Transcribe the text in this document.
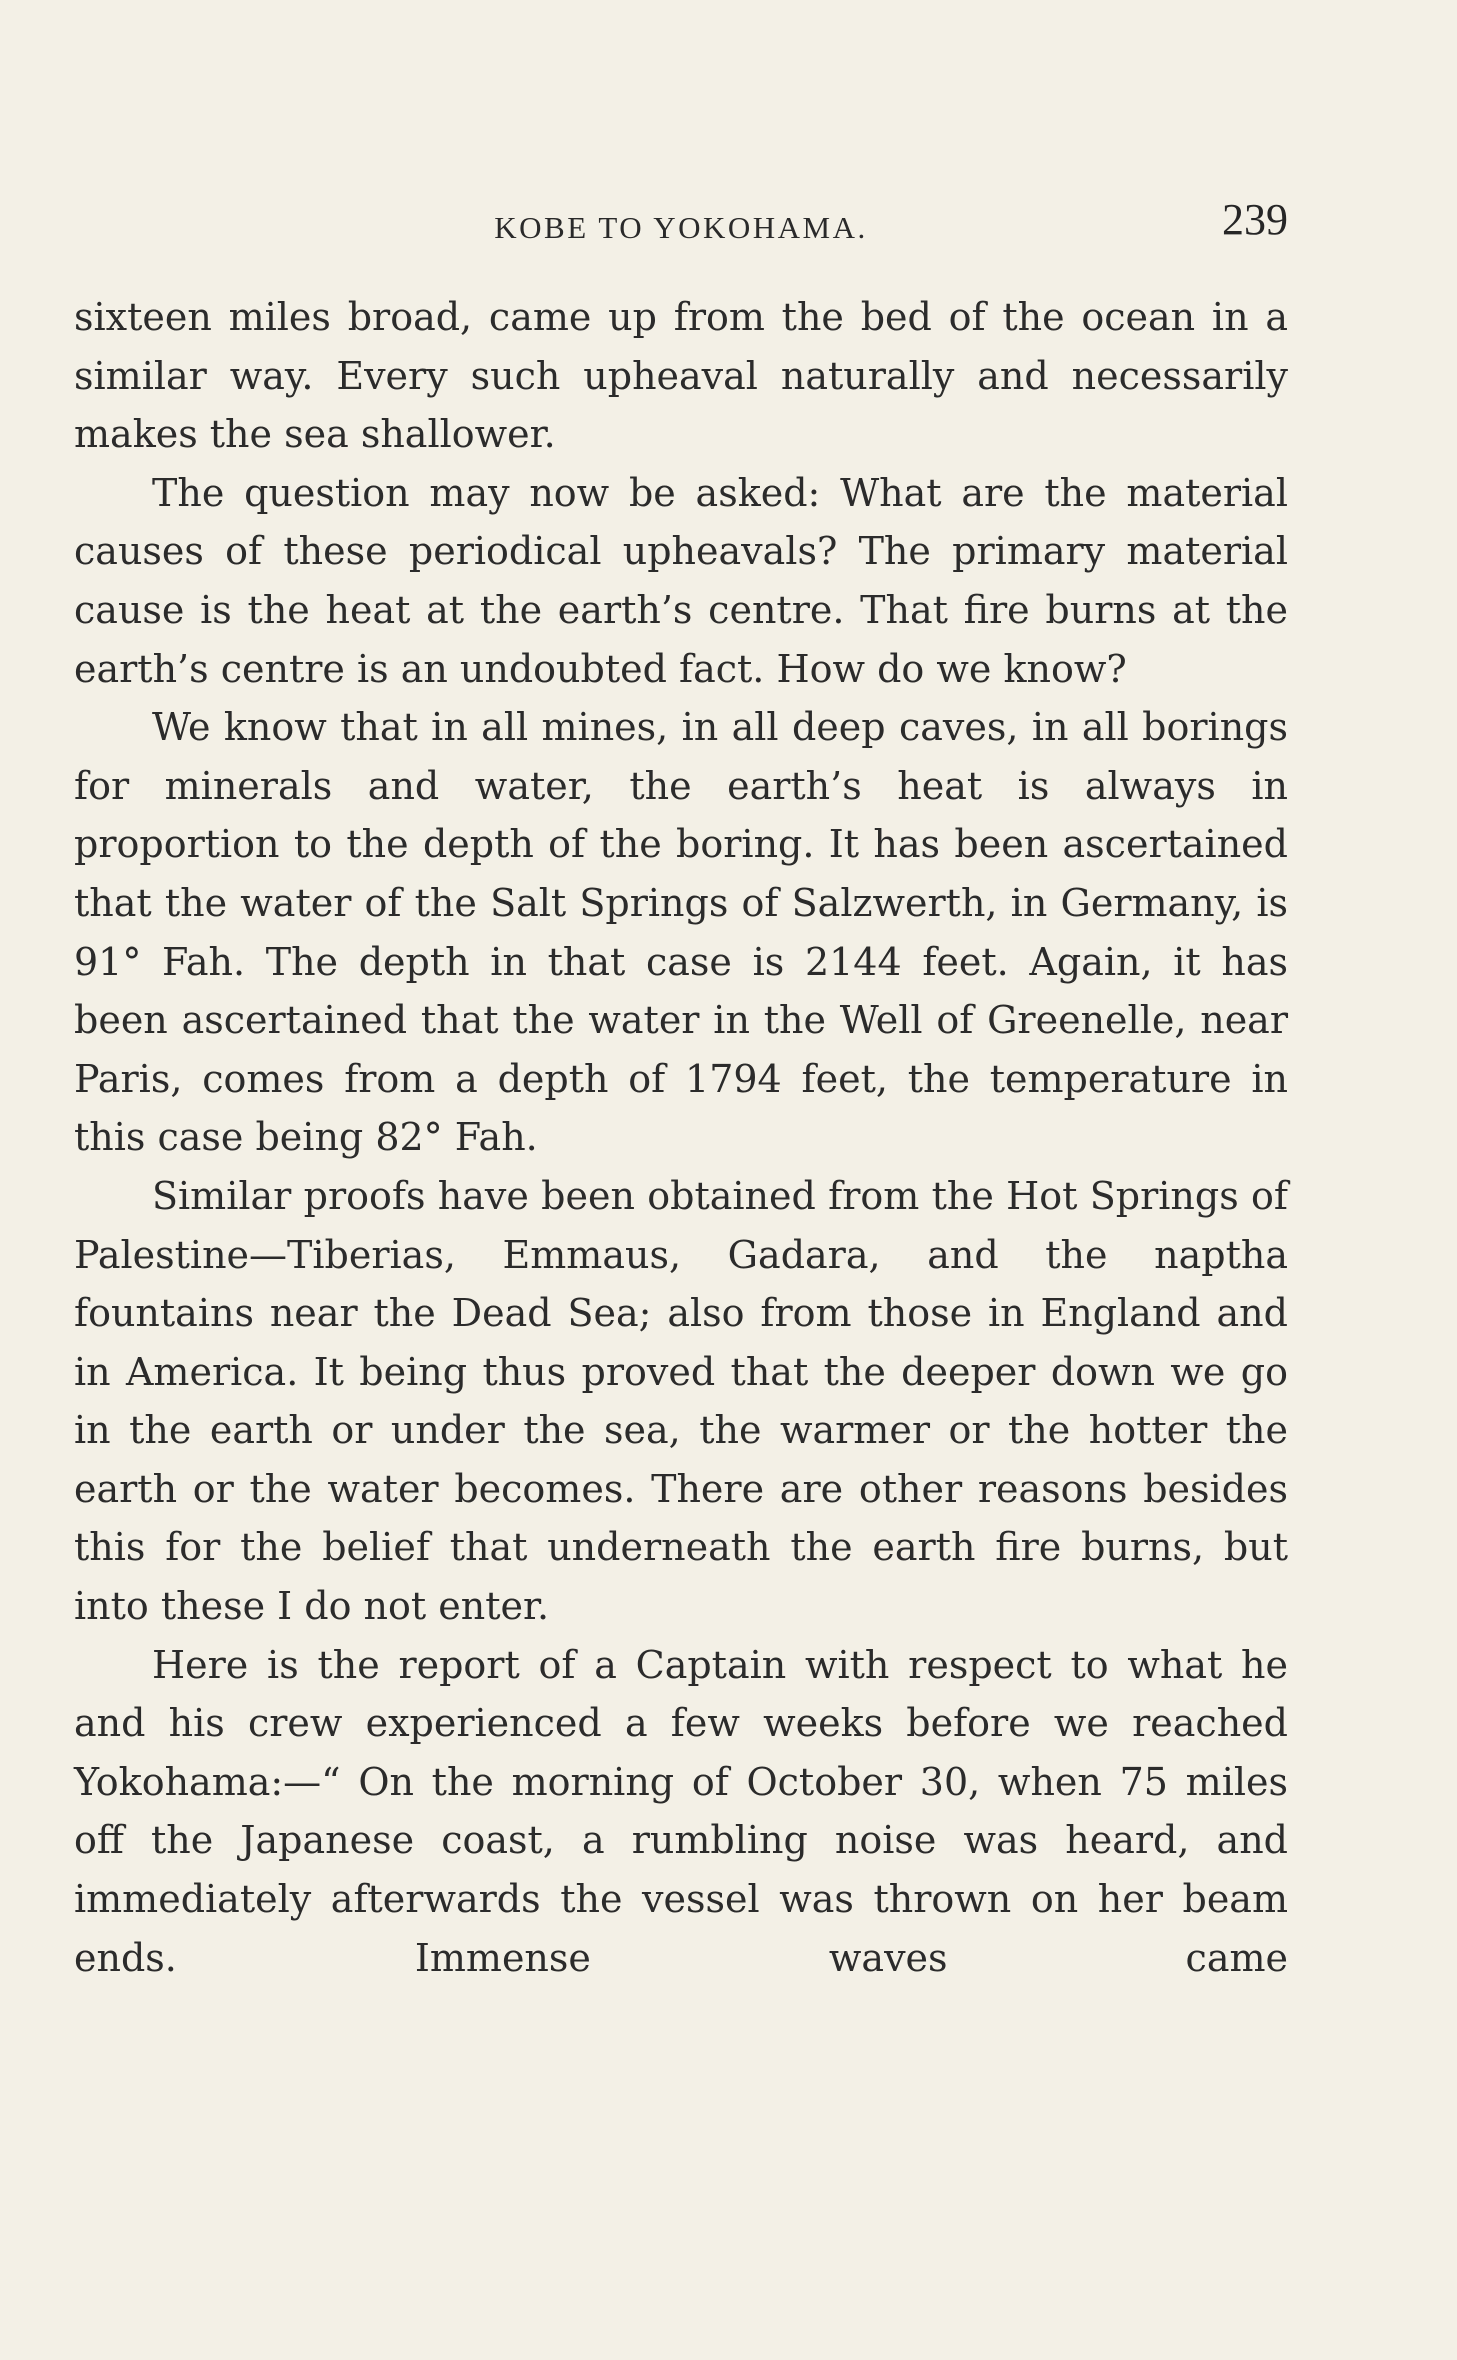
KOBE TO YOKOHAMA.	239

sixteen miles broad, came up from the bed of the ocean in a similar way. Every such upheaval naturally and necessarily makes the sea shallower.

The question may now be asked: What are the material causes of these periodical upheavals? The primary material cause is the heat at the earth’s centre. That fire burns at the earth’s centre is an undoubted fact. How do we know?

We know that in all mines, in all deep caves, in all borings for minerals and water, the earth’s heat is always in proportion to the depth of the boring. It has been ascertained that the water of the Salt Springs of Salzwerth, in Germany, is 91° Fah. The depth in that case is 2144 feet. Again, it has been ascertained that the water in the Well of Greenelle, near Paris, comes from a depth of 1794 feet, the temperature in this case being 82° Fah.

Similar proofs have been obtained from the Hot Springs of Palestine—Tiberias, Emmaus, Gadara, and the naptha fountains near the Dead Sea; also from those in England and in America. It being thus proved that the deeper down we go in the earth or under the sea, the warmer or the hotter the earth or the water becomes. There are other reasons besides this for the belief that underneath the earth fire burns, but into these I do not enter.

Here is the report of a Captain with respect to what he and his crew experienced a few weeks before we reached Yokohama:—“ On the morning of October 30, when 75 miles off the Japanese coast, a rumbling noise was heard, and immediately afterwards the vessel was thrown on her beam ends. Immense waves came
